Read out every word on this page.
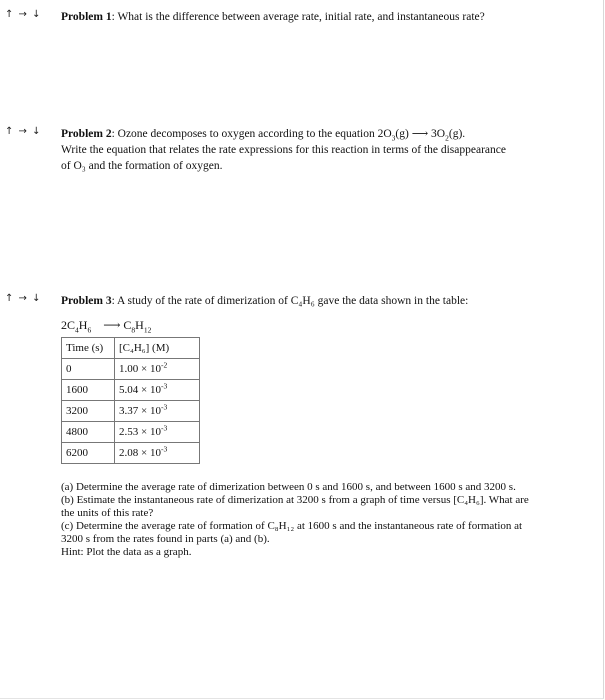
↑ → ↓ Problem 1: What is the difference between average rate, initial rate, and instantaneous rate?
↑ → ↓ Problem 2: Ozone decomposes to oxygen according to the equation $2O_3(g)$ ⟶ $3O_2(g)$.
Write the equation that relates the rate expressions for this reaction in terms of the disappearance
of O₃ and the formation of oxygen.
↑ → ↓ Problem 3: A study of the rate of dimerization of C₄H₆ gave the data shown in the table:
$2C_4H_6$ ⟶ $C_8H_{12}$
Time (s)	[C₄H₆] (M)
0	$1.00 \times 10^{-2}$
1600	$5.04 \times 10^{-3}$
3200	$3.37 \times 10^{-3}$
4800	$2.53 \times 10^{-3}$
6200	$2.08 \times 10^{-3}$

(a) Determine the average rate of dimerization between 0 s and 1600 s, and between 1600 s and 3200 s.

(b) Estimate the instantaneous rate of dimerization at 3200 s from a graph of time versus [C₄H₆]. What are the units of this rate?

(c) Determine the average rate of formation of C₈H₁₂ at 1600 s and the instantaneous rate of formation at 3200 s from the rates found in parts (a) and (b).

Hint: Plot the data as a graph.
